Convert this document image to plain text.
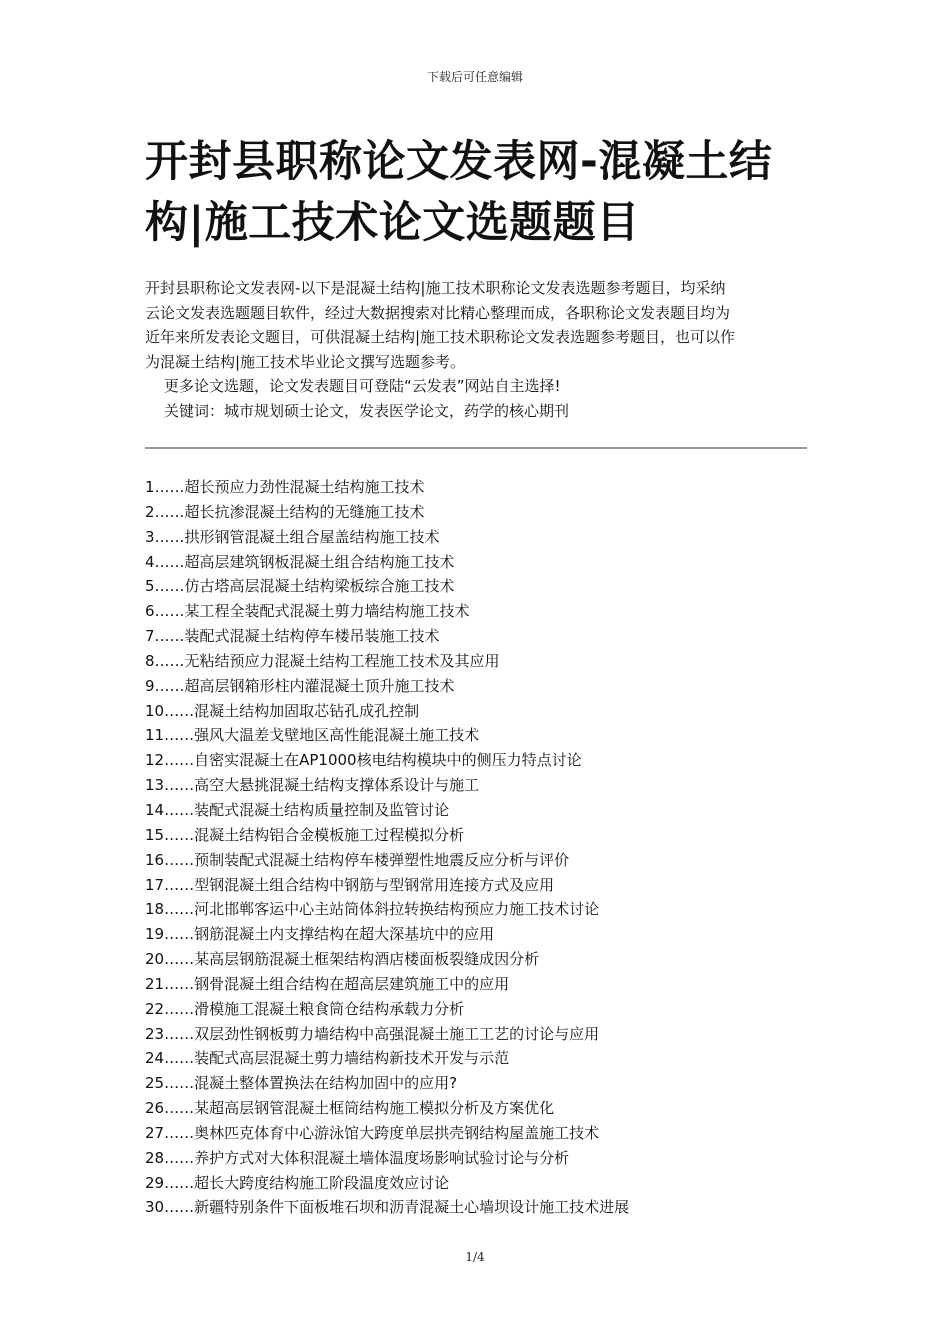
下载后可任意编辑
开封县职称论文发表网-混凝土结构|施工技术论文选题题目
开封县职称论文发表网-以下是混凝土结构|施工技术职称论文发表选题参考题目，均采纳
云论文发表选题题目软件，经过大数据搜索对比精心整理而成，各职称论文发表题目均为
近年来所发表论文题目，可供混凝土结构|施工技术职称论文发表选题参考题目，也可以作
为混凝土结构|施工技术毕业论文撰写选题参考。
更多论文选题，论文发表题目可登陆“云发表”网站自主选择!
关键词：城市规划硕士论文，发表医学论文，药学的核心期刊
1……超长预应力劲性混凝土结构施工技术
2……超长抗渗混凝土结构的无缝施工技术
3……拱形钢管混凝土组合屋盖结构施工技术
4……超高层建筑钢板混凝土组合结构施工技术
5……仿古塔高层混凝土结构梁板综合施工技术
6……某工程全装配式混凝土剪力墙结构施工技术
7……装配式混凝土结构停车楼吊装施工技术
8……无粘结预应力混凝土结构工程施工技术及其应用
9……超高层钢箱形柱内灌混凝土顶升施工技术
10……混凝土结构加固取芯钻孔成孔控制
11……强风大温差戈壁地区高性能混凝土施工技术
12……自密实混凝土在AP1000核电结构模块中的侧压力特点讨论
13……高空大悬挑混凝土结构支撑体系设计与施工
14……装配式混凝土结构质量控制及监管讨论
15……混凝土结构铝合金模板施工过程模拟分析
16……预制装配式混凝土结构停车楼弹塑性地震反应分析与评价
17……型钢混凝土组合结构中钢筋与型钢常用连接方式及应用
18……河北邯郸客运中心主站筒体斜拉转换结构预应力施工技术讨论
19……钢筋混凝土内支撑结构在超大深基坑中的应用
20……某高层钢筋混凝土框架结构酒店楼面板裂缝成因分析
21……钢骨混凝土组合结构在超高层建筑施工中的应用
22……滑模施工混凝土粮食筒仓结构承载力分析
23……双层劲性钢板剪力墙结构中高强混凝土施工工艺的讨论与应用
24……装配式高层混凝土剪力墙结构新技术开发与示范
25……混凝土整体置换法在结构加固中的应用?
26……某超高层钢管混凝土框筒结构施工模拟分析及方案优化
27……奥林匹克体育中心游泳馆大跨度单层拱壳钢结构屋盖施工技术
28……养护方式对大体积混凝土墙体温度场影响试验讨论与分析
29……超长大跨度结构施工阶段温度效应讨论
30……新疆特别条件下面板堆石坝和沥青混凝土心墙坝设计施工技术进展
1/4
